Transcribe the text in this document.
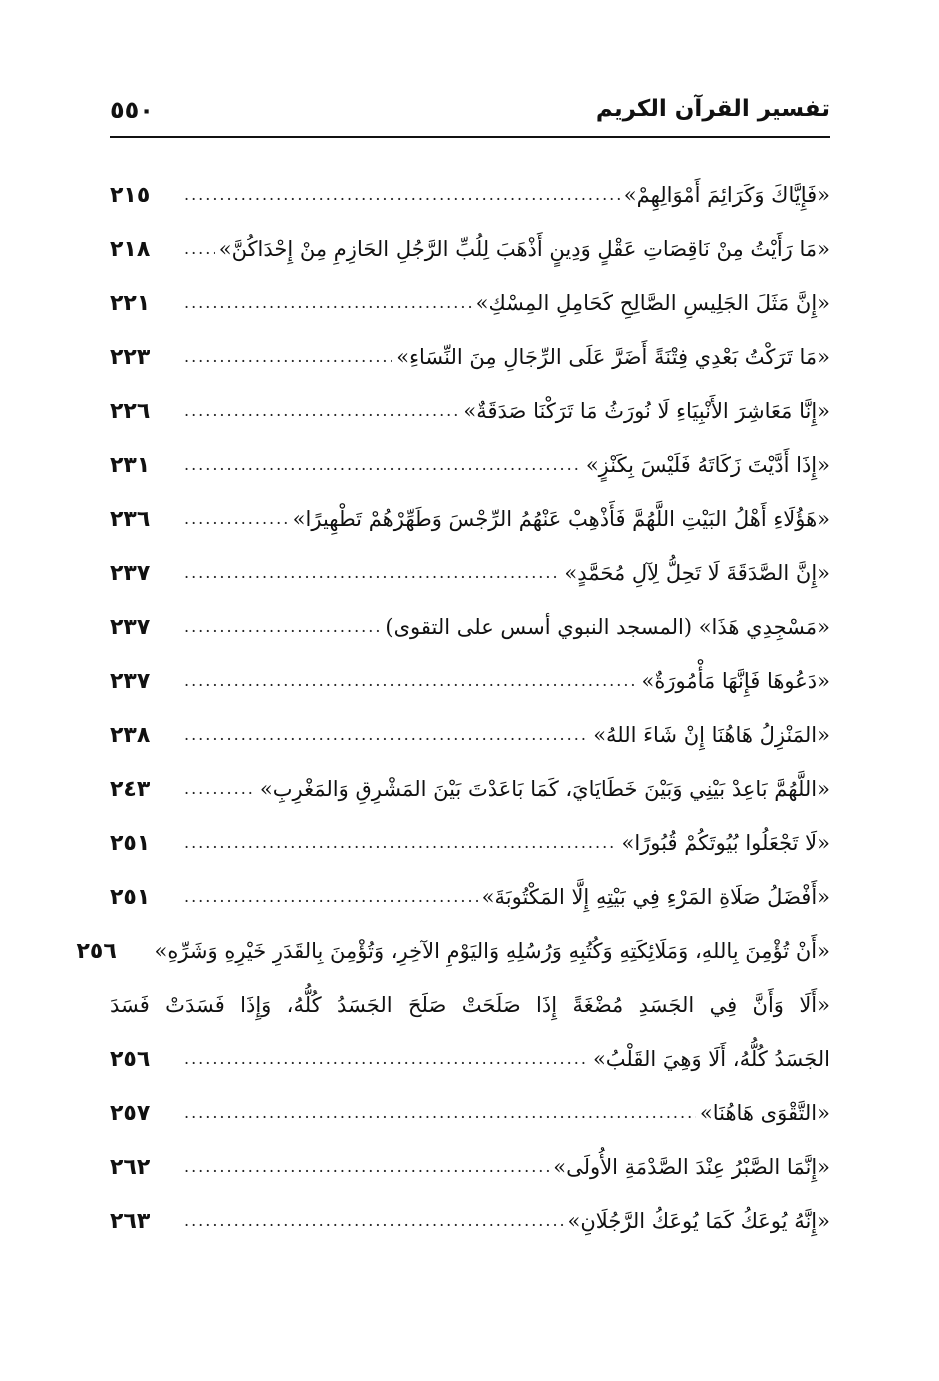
تفسير القرآن الكريم
٥٥٠
«فَإِيَّاكَ وَكَرَائِمَ أَمْوَالِهِمْ»
.....
٢١٥
«مَا رَأَيْتُ مِنْ نَاقِصَاتِ عَقْلٍ وَدِينٍ أَذْهَبَ لِلُبِّ الرَّجُلِ الحَازِمِ مِنْ إِحْدَاكُنَّ»
.....
٢١٨
«إِنَّ مَثَلَ الجَلِيسِ الصَّالِحِ كَحَامِلِ المِسْكِ»
.....
٢٢١
«مَا تَرَكْتُ بَعْدِي فِتْنَةً أَضَرَّ عَلَى الرِّجَالِ مِنَ النِّسَاءِ»
.....
٢٢٣
«إِنَّا مَعَاشِرَ الأَنْبِيَاءِ لَا نُورَثُ مَا تَرَكْنَا صَدَقَةٌ»
.....
٢٢٦
«إِذَا أَدَّيْتَ زَكَاتَهُ فَلَيْسَ بِكَنْزٍ»
.....
٢٣١
«هَؤُلَاءِ أَهْلُ البَيْتِ اللَّهُمَّ فَأَذْهِبْ عَنْهُمُ الرِّجْسَ وَطَهِّرْهُمْ تَطْهِيرًا»
.....
٢٣٦
«إِنَّ الصَّدَقَةَ لَا تَحِلُّ لِآلِ مُحَمَّدٍ»
.....
٢٣٧
«مَسْجِدِي هَذَا» (المسجد النبوي أسس على التقوى)
.....
٢٣٧
«دَعُوهَا فَإِنَّهَا مَأْمُورَةٌ»
.....
٢٣٧
«المَنْزِلُ هَاهُنَا إِنْ شَاءَ اللهُ»
.....
٢٣٨
«اللَّهُمَّ بَاعِدْ بَيْنِي وَبَيْنَ خَطَايَايَ، كَمَا بَاعَدْتَ بَيْنَ المَشْرِقِ وَالمَغْرِبِ»
.....
٢٤٣
«لَا تَجْعَلُوا بُيُوتَكُمْ قُبُورًا»
.....
٢٥١
«أَفْضَلُ صَلَاةِ المَرْءِ فِي بَيْتِهِ إِلَّا المَكْتُوبَةَ»
.....
٢٥١
«أَنْ تُؤْمِنَ بِاللهِ، وَمَلَائِكَتِهِ وَكُتُبِهِ وَرُسُلِهِ وَاليَوْمِ الآخِرِ، وَتُؤْمِنَ بِالقَدَرِ خَيْرِهِ وَشَرِّهِ»
٢٥٦
«أَلَا وَأَنَّ فِي الجَسَدِ مُضْغَةً إِذَا صَلَحَتْ صَلَحَ الجَسَدُ كُلُّهُ، وَإِذَا فَسَدَتْ فَسَدَ
الجَسَدُ كُلُّهُ، أَلَا وَهِيَ القَلْبُ»
.....
٢٥٦
«التَّقْوَى هَاهُنَا»
.....
٢٥٧
«إِنَّمَا الصَّبْرُ عِنْدَ الصَّدْمَةِ الأُولَى»
.....
٢٦٢
«إِنَّهُ يُوعَكُ كَمَا يُوعَكُ الرَّجُلَانِ»
.....
٢٦٣
